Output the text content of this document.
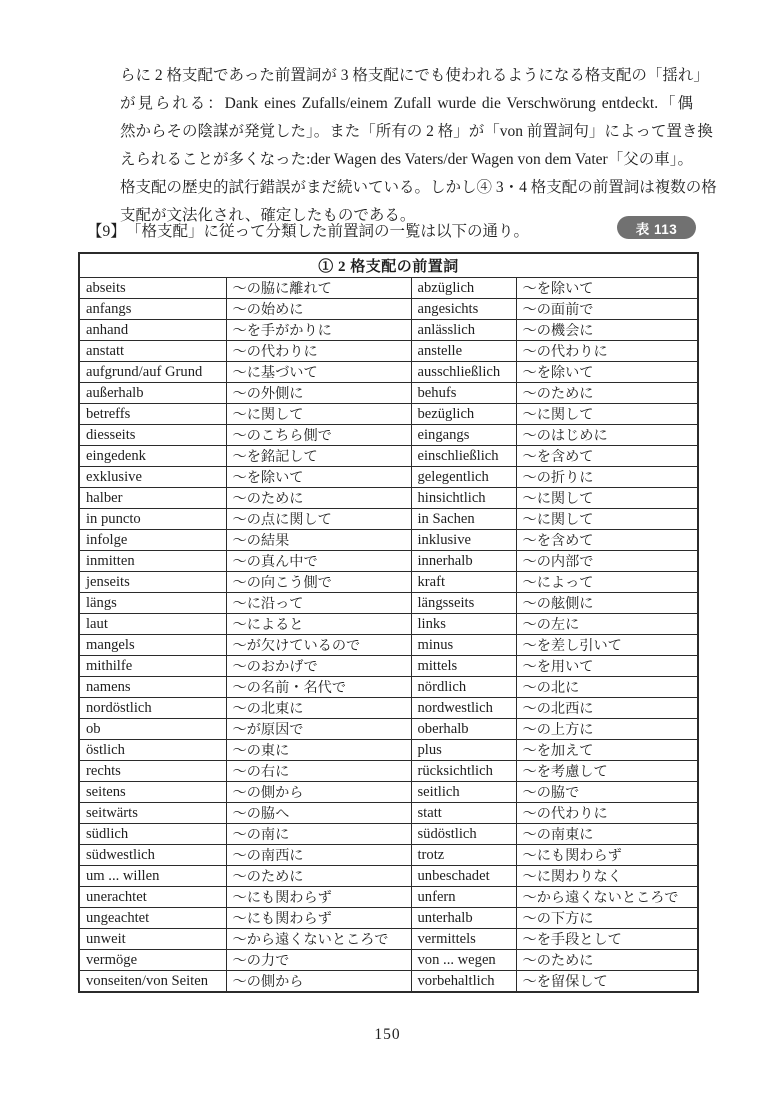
らに 2 格支配であった前置詞が 3 格支配にでも使われるようになる格支配の「揺れ」
が見られる：Dank eines Zufalls/einem Zufall wurde die Verschwörung entdeckt.「偶
然からその陰謀が発覚した」。また「所有の 2 格」が「von 前置詞句」によって置き換
えられることが多くなった:der Wagen des Vaters/der Wagen von dem Vater「父の車」。
格支配の歴史的試行錯誤がまだ続いている。しかし④ 3・4 格支配の前置詞は複数の格
支配が文法化され、確定したものである。
【9】 「格支配」に従って分類した前置詞の一覧は以下の通り。	表 113
① 2 格支配の前置詞			
abseits	〜の脇に離れて	abzüglich	〜を除いて
anfangs	〜の始めに	angesichts	〜の面前で
anhand	〜を手がかりに	anlässlich	〜の機会に
anstatt	〜の代わりに	anstelle	〜の代わりに
aufgrund/auf Grund	〜に基づいて	ausschließlich	〜を除いて
außerhalb	〜の外側に	behufs	〜のために
betreffs	〜に関して	bezüglich	〜に関して
diesseits	〜のこちら側で	eingangs	〜のはじめに
eingedenk	〜を銘記して	einschließlich	〜を含めて
exklusive	〜を除いて	gelegentlich	〜の折りに
halber	〜のために	hinsichtlich	〜に関して
in puncto	〜の点に関して	in Sachen	〜に関して
infolge	〜の結果	inklusive	〜を含めて
inmitten	〜の真ん中で	innerhalb	〜の内部で
jenseits	〜の向こう側で	kraft	〜によって
längs	〜に沿って	längsseits	〜の舷側に
laut	〜によると	links	〜の左に
mangels	〜が欠けているので	minus	〜を差し引いて
mithilfe	〜のおかげで	mittels	〜を用いて
namens	〜の名前・名代で	nördlich	〜の北に
nordöstlich	〜の北東に	nordwestlich	〜の北西に
ob	〜が原因で	oberhalb	〜の上方に
östlich	〜の東に	plus	〜を加えて
rechts	〜の右に	rücksichtlich	〜を考慮して
seitens	〜の側から	seitlich	〜の脇で
seitwärts	〜の脇へ	statt	〜の代わりに
südlich	〜の南に	südöstlich	〜の南東に
südwestlich	〜の南西に	trotz	〜にも関わらず
um ... willen	〜のために	unbeschadet	〜に関わりなく
unerachtet	〜にも関わらず	unfern	〜から遠くないところで
ungeachtet	〜にも関わらず	unterhalb	〜の下方に
unweit	〜から遠くないところで	vermittels	〜を手段として
vermöge	〜の力で	von ... wegen	〜のために
vonseiten/von Seiten	〜の側から	vorbehaltlich	〜を留保して
150
